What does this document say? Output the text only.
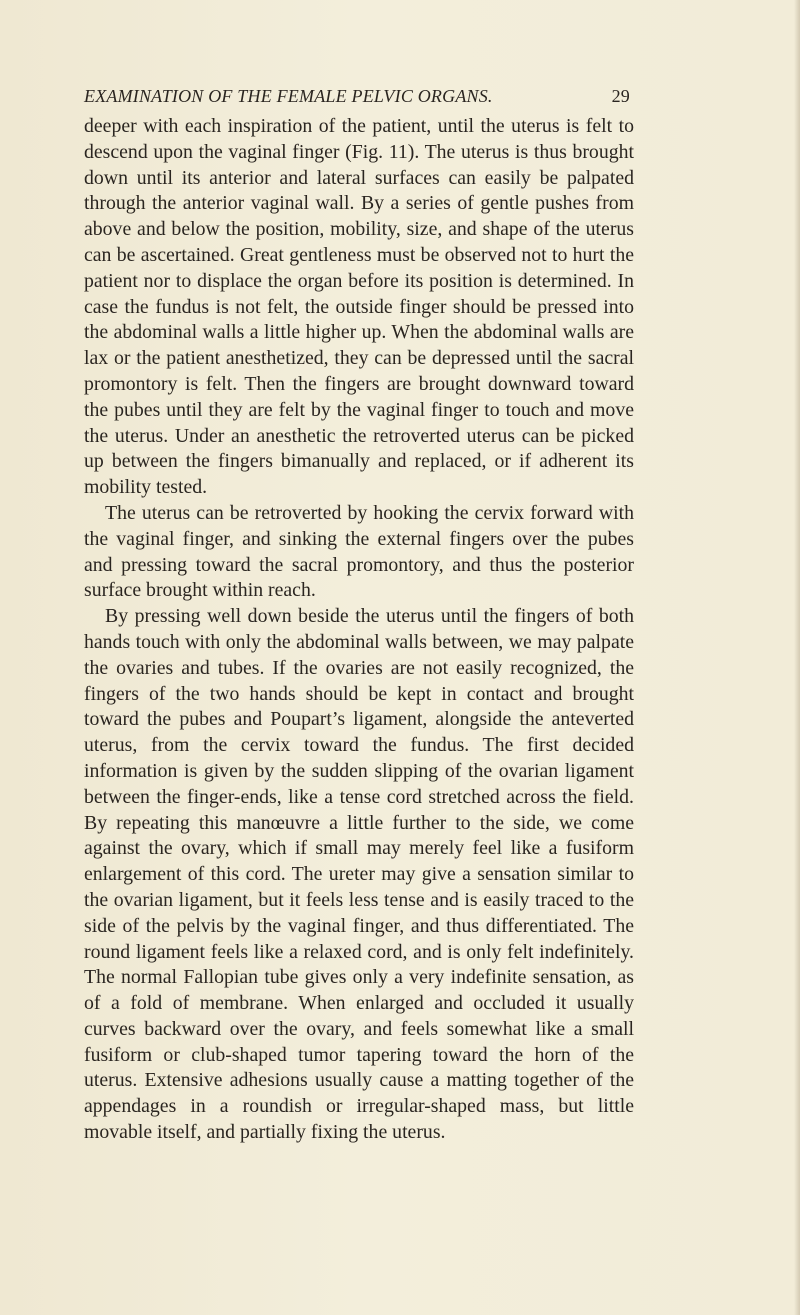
EXAMINATION OF THE FEMALE PELVIC ORGANS.	29

deeper with each inspiration of the patient, until the uterus is felt to descend upon the vaginal finger (Fig. 11). The uterus is thus brought down until its anterior and lateral surfaces can easily be palpated through the anterior vaginal wall. By a series of gentle pushes from above and below the position, mobility, size, and shape of the uterus can be ascertained. Great gentleness must be observed not to hurt the patient nor to displace the organ before its position is determined. In case the fundus is not felt, the outside finger should be pressed into the abdominal walls a little higher up. When the abdominal walls are lax or the patient anesthetized, they can be depressed until the sacral promontory is felt. Then the fingers are brought downward toward the pubes until they are felt by the vaginal finger to touch and move the uterus. Under an anesthetic the retroverted uterus can be picked up between the fingers bimanually and replaced, or if adherent its mobility tested.

The uterus can be retroverted by hooking the cervix forward with the vaginal finger, and sinking the external fingers over the pubes and pressing toward the sacral promontory, and thus the posterior surface brought within reach.

By pressing well down beside the uterus until the fingers of both hands touch with only the abdominal walls between, we may palpate the ovaries and tubes. If the ovaries are not easily recognized, the fingers of the two hands should be kept in contact and brought toward the pubes and Poupart’s ligament, alongside the anteverted uterus, from the cervix toward the fundus. The first decided information is given by the sudden slipping of the ovarian ligament between the finger-ends, like a tense cord stretched across the field. By repeating this manœuvre a little further to the side, we come against the ovary, which if small may merely feel like a fusiform enlargement of this cord. The ureter may give a sensation similar to the ovarian ligament, but it feels less tense and is easily traced to the side of the pelvis by the vaginal finger, and thus differentiated. The round ligament feels like a relaxed cord, and is only felt indefinitely. The normal Fallopian tube gives only a very indefinite sensation, as of a fold of membrane. When enlarged and occluded it usually curves backward over the ovary, and feels somewhat like a small fusiform or club-shaped tumor tapering toward the horn of the uterus. Extensive adhesions usually cause a matting together of the appendages in a roundish or irregular-shaped mass, but little movable itself, and partially fixing the uterus.
